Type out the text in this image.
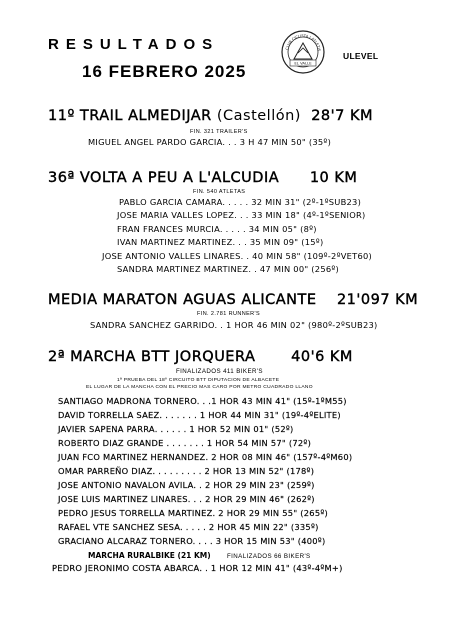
RESULTADOS
16 FEBRERO 2025
CLUB CICLISTA I ATLETIS
EL VALLE
ULEVEL
11º TRAIL ALMEDIJAR (Castellón) 28'7 KM
FIN. 321 TRAILER'S
MIGUEL ANGEL PARDO GARCIA. . . 3 H 47 MIN 50" (35º)
36ª VOLTA A PEU A L'ALCUDIA 10 KM
FIN. 540 ATLETAS
PABLO GARCIA CAMARA. . . . . 32 MIN 31" (2º-1ºSUB23)
JOSE MARIA VALLES LOPEZ. . . 33 MIN 18" (4º-1ºSENIOR)
FRAN FRANCES MURCIA. . . . . 34 MIN 05" (8º)
IVAN MARTINEZ MARTINEZ. . . 35 MIN 09" (15º)
JOSE ANTONIO VALLES LINARES. . 40 MIN 58" (109º-2ºVET60)
SANDRA MARTINEZ MARTINEZ. . 47 MIN 00" (256º)
MEDIA MARATON AGUAS ALICANTE 21'097 KM
FIN. 2.781 RUNNER'S
SANDRA SANCHEZ GARRIDO. . 1 HOR 46 MIN 02" (980º-2ºSUB23)
2ª MARCHA BTT JORQUERA 40'6 KM
FINALIZADOS 411 BIKER'S
1ª PRUEBA DEL 18º CIRCUITO BTT DIPUTACION DE ALBACETE
EL LUGAR DE LA MANCHA CON EL PRECIO MAS CARO POR METRO CUADRADO LLANO
SANTIAGO MADRONA TORNERO. . .1 HOR 43 MIN 41" (15º-1ºM55)
DAVID TORRELLA SAEZ. . . . . . . 1 HOR 44 MIN 31" (19º-4ºELITE)
JAVIER SAPENA PARRA. . . . . . 1 HOR 52 MIN 01" (52º)
ROBERTO DIAZ GRANDE . . . . . . . 1 HOR 54 MIN 57" (72º)
JUAN FCO MARTINEZ HERNANDEZ. 2 HOR 08 MIN 46" (157º-4ºM60)
OMAR PARREÑO DIAZ. . . . . . . . . 2 HOR 13 MIN 52" (178º)
JOSE ANTONIO NAVALON AVILA. . 2 HOR 29 MIN 23" (259º)
JOSE LUIS MARTINEZ LINARES. . . 2 HOR 29 MIN 46" (262º)
PEDRO JESUS TORRELLA MARTINEZ. 2 HOR 29 MIN 55" (265º)
RAFAEL VTE SANCHEZ SESA. . . . . 2 HOR 45 MIN 22" (335º)
GRACIANO ALCARAZ TORNERO. . . . 3 HOR 15 MIN 53" (400º)
MARCHA RURALBIKE (21 KM)	FINALIZADOS 66 BIKER'S
PEDRO JERONIMO COSTA ABARCA. . 1 HOR 12 MIN 41" (43º-4ºM+)
